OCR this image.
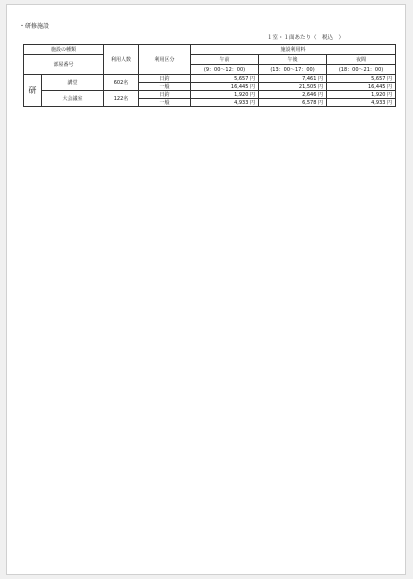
・研修施設
１室・１面あたり（　税込　）
施設の種類		利用人数	利用区分	施設利用料		
部屋番号				午前	午後	夜間
				(9：00～12：00)	(13：00～17：00)	(18：00～21：00)
研	講堂	602名	日釣	5,657 円	7,461 円	5,657 円
			一般	16,445 円	21,505 円	16,445 円
	大会議室	122名	日釣	1,920 円	2,646 円	1,920 円
			一般	4,933 円	6,578 円	4,933 円
